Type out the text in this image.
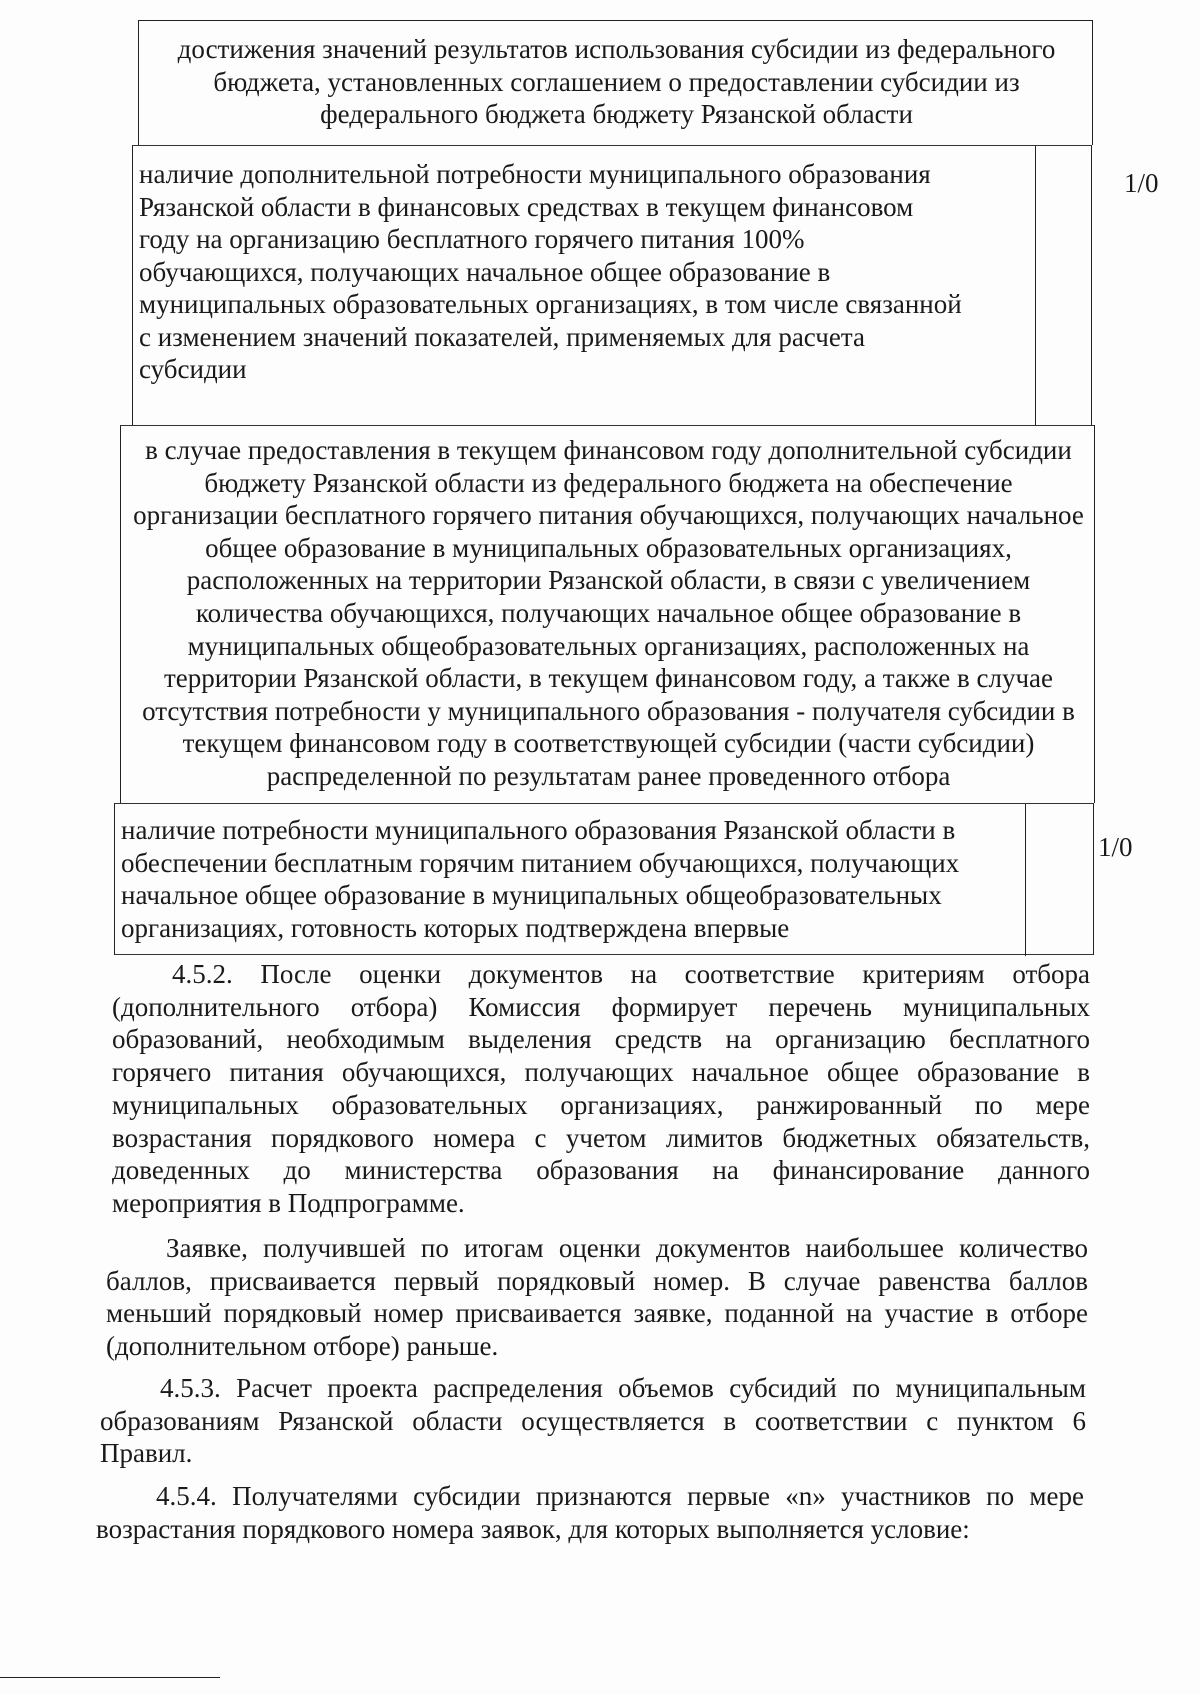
достижения значений результатов использования субсидии из федерального
бюджета, установленных соглашением о предоставлении субсидии из
федерального бюджета бюджету Рязанской области
наличие дополнительной потребности муниципального образования
Рязанской области в финансовых средствах в текущем финансовом
году на организацию бесплатного горячего питания 100%
обучающихся, получающих начальное общее образование в
муниципальных образовательных организациях, в том числе связанной
с изменением значений показателей, применяемых для расчета
субсидии
1/0
в случае предоставления в текущем финансовом году дополнительной субсидии
бюджету Рязанской области из федерального бюджета на обеспечение
организации бесплатного горячего питания обучающихся, получающих начальное
общее образование в муниципальных образовательных организациях,
расположенных на территории Рязанской области, в связи с увеличением
количества обучающихся, получающих начальное общее образование в
муниципальных общеобразовательных организациях, расположенных на
территории Рязанской области, в текущем финансовом году, а также в случае
отсутствия потребности у муниципального образования - получателя субсидии в
текущем финансовом году в соответствующей субсидии (части субсидии)
распределенной по результатам ранее проведенного отбора
наличие потребности муниципального образования Рязанской области в
обеспечении бесплатным горячим питанием обучающихся, получающих
начальное общее образование в муниципальных общеобразовательных
организациях, готовность которых подтверждена впервые
1/0
4.5.2. После оценки документов на соответствие критериям отбора
(дополнительного отбора) Комиссия формирует перечень муниципальных
образований, необходимым выделения средств на организацию бесплатного
горячего питания обучающихся, получающих начальное общее образование в
муниципальных образовательных организациях, ранжированный по мере
возрастания порядкового номера с учетом лимитов бюджетных обязательств,
доведенных до министерства образования на финансирование данного
мероприятия в Подпрограмме.
Заявке, получившей по итогам оценки документов наибольшее количество
баллов, присваивается первый порядковый номер. В случае равенства баллов
меньший порядковый номер присваивается заявке, поданной на участие в отборе
(дополнительном отборе) раньше.
4.5.3. Расчет проекта распределения объемов субсидий по муниципальным
образованиям Рязанской области осуществляется в соответствии с пунктом 6
Правил.
4.5.4. Получателями субсидии признаются первые «n» участников по мере
возрастания порядкового номера заявок, для которых выполняется условие:
